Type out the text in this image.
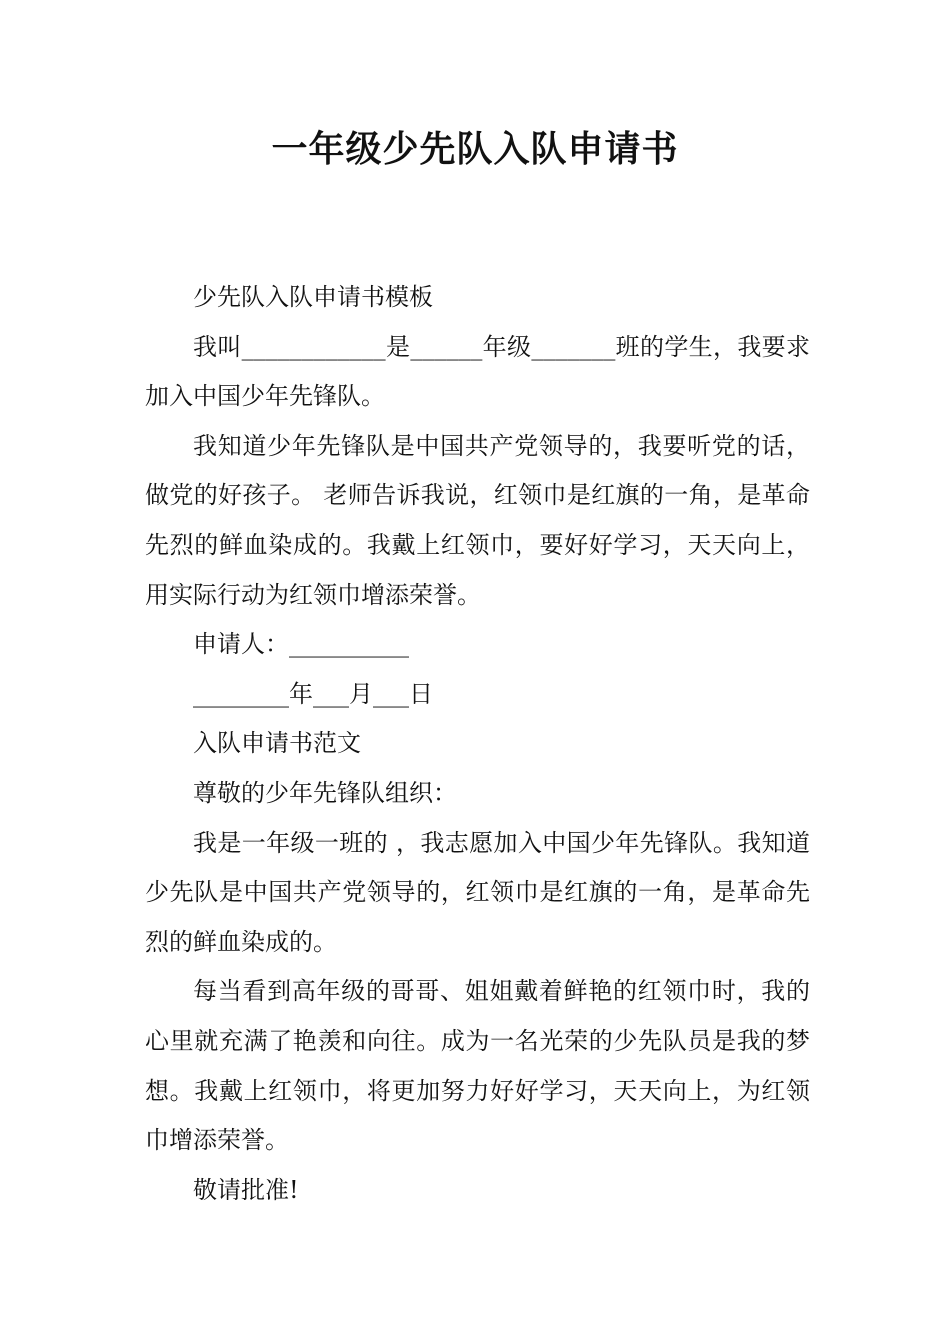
一年级少先队入队申请书

少先队入队申请书模板

我叫____________是______年级_______班的学生，我要求加入中国少年先锋队。

我知道少年先锋队是中国共产党领导的，我要听党的话，做党的好孩子。 老师告诉我说，红领巾是红旗的一角，是革命先烈的鲜血染成的。我戴上红领巾，要好好学习，天天向上，用实际行动为红领巾增添荣誉。

申请人：__________

________年___月___日

入队申请书范文

尊敬的少年先锋队组织：

我是一年级一班的 ，我志愿加入中国少年先锋队。我知道少先队是中国共产党领导的，红领巾是红旗的一角，是革命先烈的鲜血染成的。

每当看到高年级的哥哥、姐姐戴着鲜艳的红领巾时，我的心里就充满了艳羡和向往。成为一名光荣的少先队员是我的梦想。我戴上红领巾，将更加努力好好学习，天天向上，为红领巾增添荣誉。

敬请批准!
